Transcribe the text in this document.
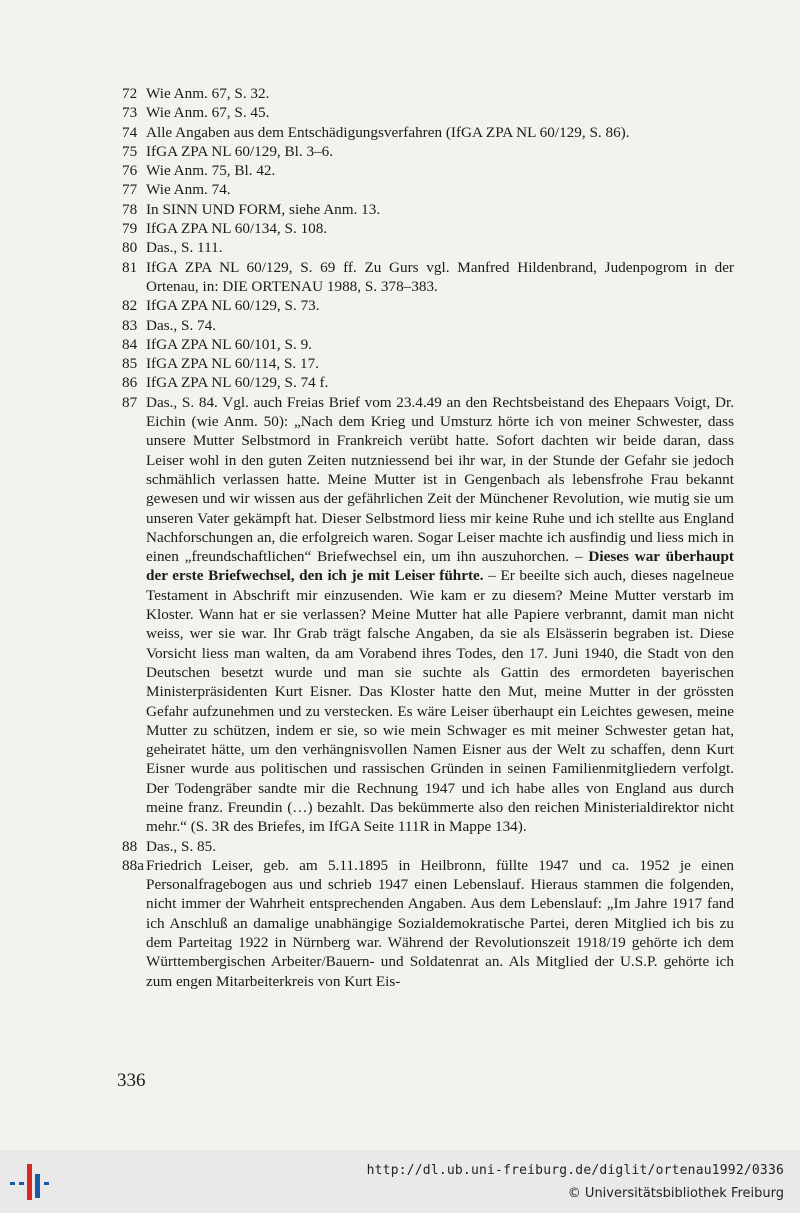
72 Wie Anm. 67, S. 32.
73 Wie Anm. 67, S. 45.
74 Alle Angaben aus dem Entschädigungsverfahren (IfGA ZPA NL 60/129, S. 86).
75 IfGA ZPA NL 60/129, Bl. 3–6.
76 Wie Anm. 75, Bl. 42.
77 Wie Anm. 74.
78 In SINN UND FORM, siehe Anm. 13.
79 IfGA ZPA NL 60/134, S. 108.
80 Das., S. 111.
81 IfGA ZPA NL 60/129, S. 69 ff. Zu Gurs vgl. Manfred Hildenbrand, Judenpogrom in der Ortenau, in: DIE ORTENAU 1988, S. 378–383.
82 IfGA ZPA NL 60/129, S. 73.
83 Das., S. 74.
84 IfGA ZPA NL 60/101, S. 9.
85 IfGA ZPA NL 60/114, S. 17.
86 IfGA ZPA NL 60/129, S. 74 f.
87 Das., S. 84. Vgl. auch Freias Brief vom 23.4.49 an den Rechtsbeistand des Ehepaars Voigt, Dr. Eichin (wie Anm. 50): „Nach dem Krieg und Umsturz hörte ich von meiner Schwester, dass unsere Mutter Selbstmord in Frankreich verübt hatte. Sofort dachten wir beide daran, dass Leiser wohl in den guten Zeiten nutzniessend bei ihr war, in der Stunde der Gefahr sie jedoch schmählich verlassen hatte. Meine Mutter ist in Gengenbach als lebensfrohe Frau bekannt gewesen und wir wissen aus der gefährlichen Zeit der Münchener Revolution, wie mutig sie um unseren Vater gekämpft hat. Dieser Selbstmord liess mir keine Ruhe und ich stellte aus England Nachforschungen an, die erfolgreich waren. Sogar Leiser machte ich ausfindig und liess mich in einen „freundschaftlichen“ Briefwechsel ein, um ihn auszuhorchen. – Dieses war überhaupt der erste Briefwechsel, den ich je mit Leiser führte. – Er beeilte sich auch, dieses nagelneue Testament in Abschrift mir einzusenden. Wie kam er zu diesem? Meine Mutter verstarb im Kloster. Wann hat er sie verlassen? Meine Mutter hat alle Papiere verbrannt, damit man nicht weiss, wer sie war. Ihr Grab trägt falsche Angaben, da sie als Elsässerin begraben ist. Diese Vorsicht liess man walten, da am Vorabend ihres Todes, den 17. Juni 1940, die Stadt von den Deutschen besetzt wurde und man sie suchte als Gattin des ermordeten bayerischen Ministerpräsidenten Kurt Eisner. Das Kloster hatte den Mut, meine Mutter in der grössten Gefahr aufzunehmen und zu verstecken. Es wäre Leiser überhaupt ein Leichtes gewesen, meine Mutter zu schützen, indem er sie, so wie mein Schwager es mit meiner Schwester getan hat, geheiratet hätte, um den verhängnisvollen Namen Eisner aus der Welt zu schaffen, denn Kurt Eisner wurde aus politischen und rassischen Gründen in seinen Familienmitgliedern verfolgt. Der Todengräber sandte mir die Rechnung 1947 und ich habe alles von England aus durch meine franz. Freundin (…) bezahlt. Das bekümmerte also den reichen Ministerialdirektor nicht mehr.“ (S. 3R des Briefes, im IfGA Seite 111R in Mappe 134).
88 Das., S. 85.
88a Friedrich Leiser, geb. am 5.11.1895 in Heilbronn, füllte 1947 und ca. 1952 je einen Personalfragebogen aus und schrieb 1947 einen Lebenslauf. Hieraus stammen die folgenden, nicht immer der Wahrheit entsprechenden Angaben. Aus dem Lebenslauf: „Im Jahre 1917 fand ich Anschluß an damalige unabhängige Sozialdemokratische Partei, deren Mitglied ich bis zu dem Parteitag 1922 in Nürnberg war. Während der Revolutionszeit 1918/19 gehörte ich dem Württembergischen Arbeiter/Bauern- und Soldatenrat an. Als Mitglied der U.S.P. gehörte ich zum engen Mitarbeiterkreis von Kurt Eis-
336
http://dl.ub.uni-freiburg.de/diglit/ortenau1992/0336
© Universitätsbibliothek Freiburg
